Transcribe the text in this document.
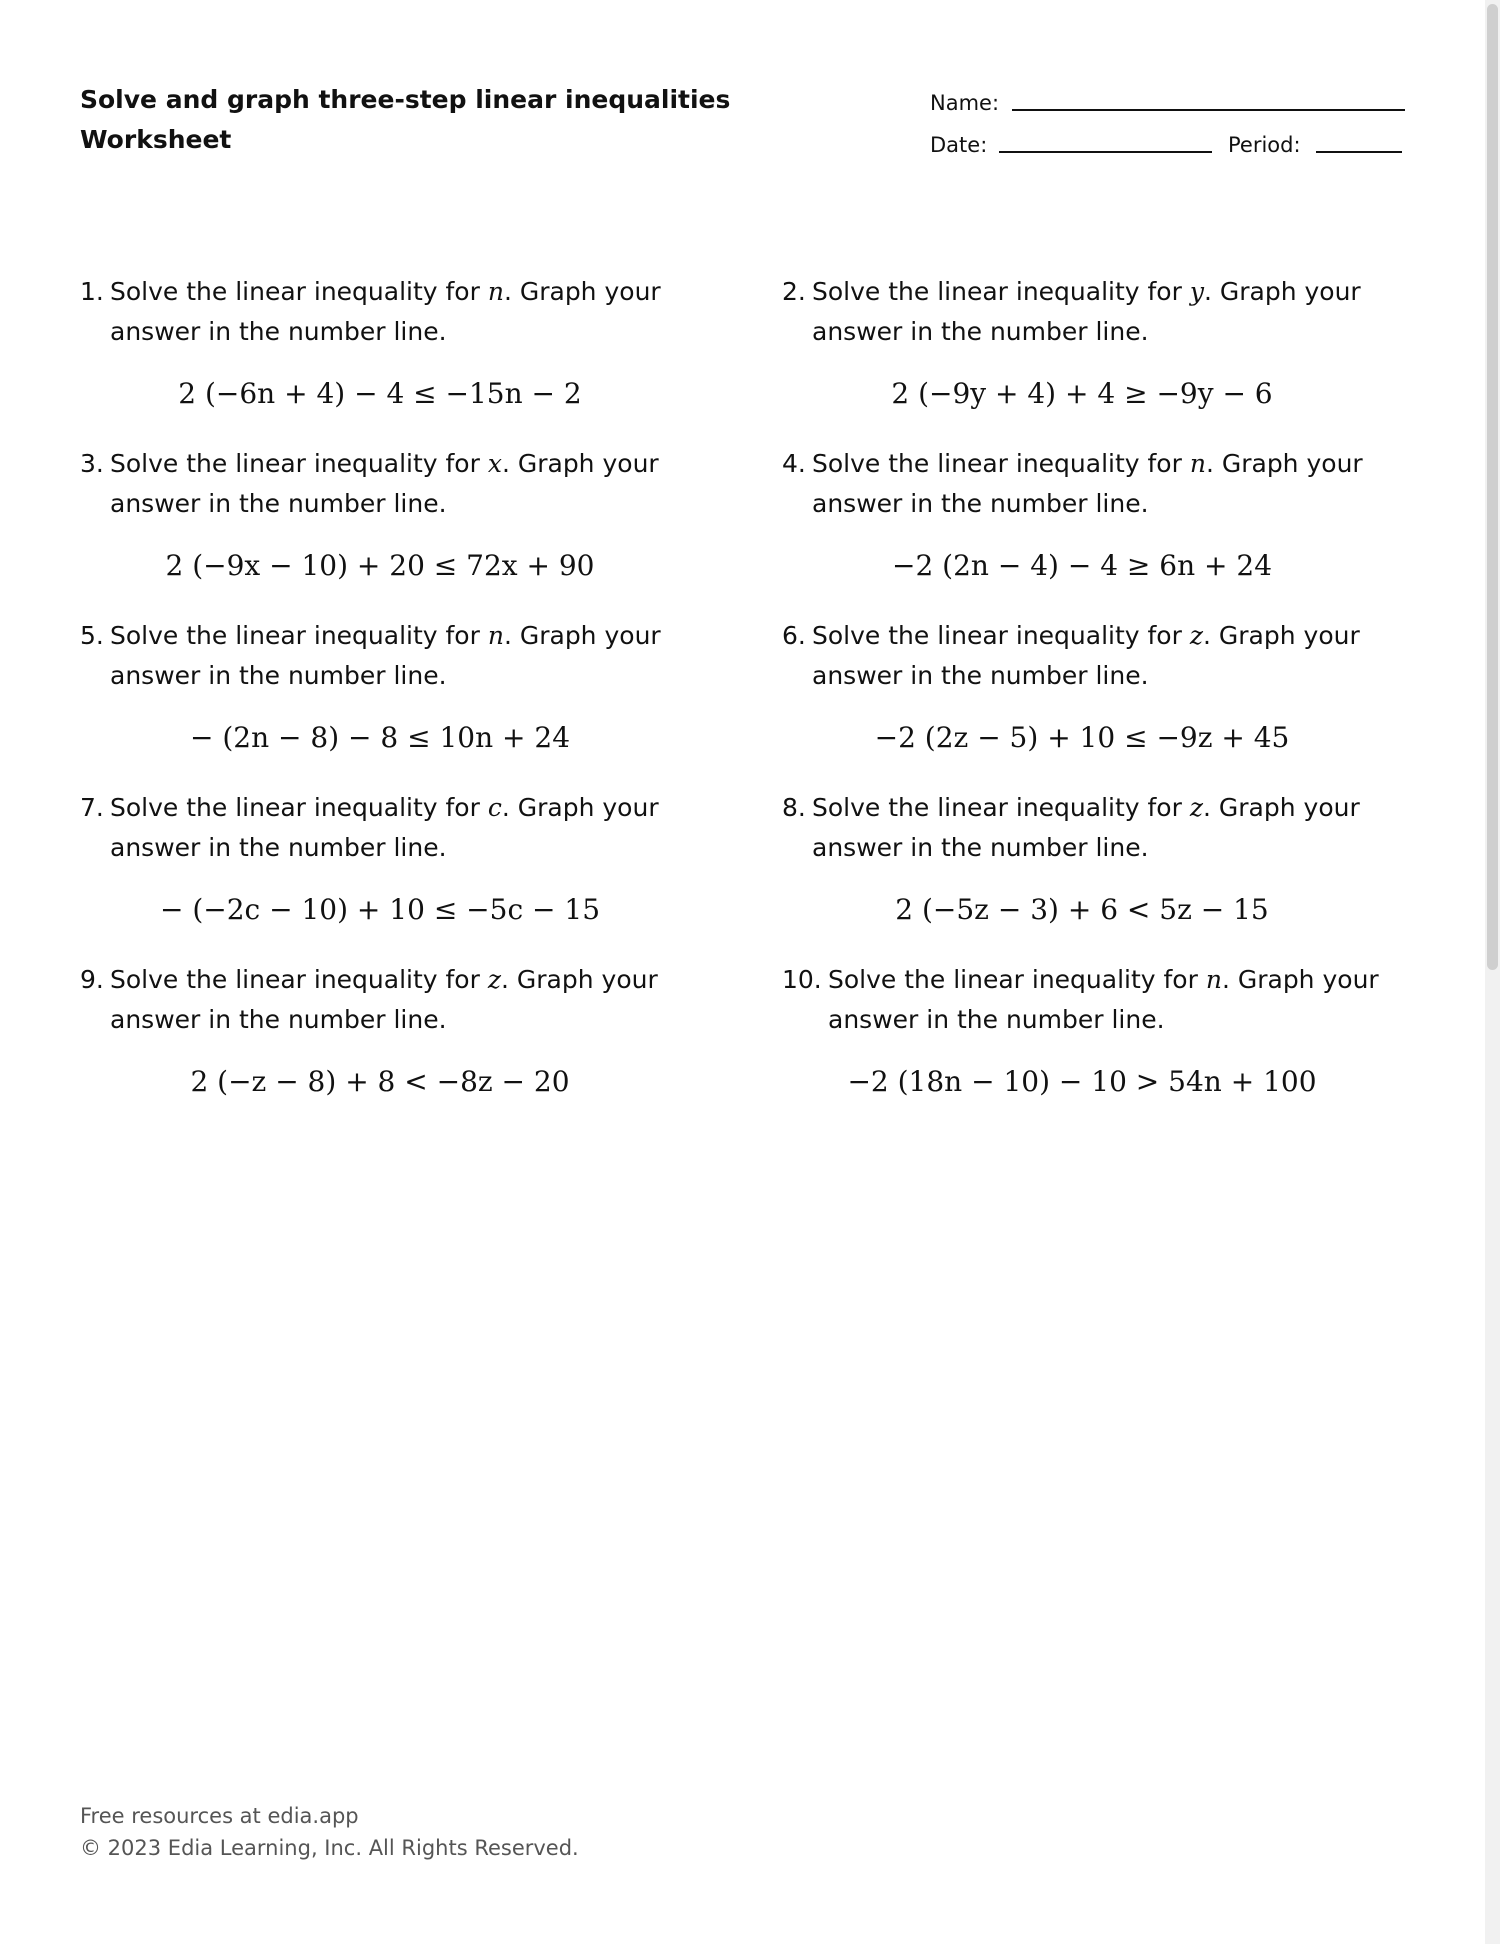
Solve and graph three-step linear inequalities
Worksheet
Name:
Date:	Period:
1. Solve the linear inequality for n. Graph your answer in the number line.
2 (−6n + 4) − 4 ≤ −15n − 2
2. Solve the linear inequality for y. Graph your answer in the number line.
2 (−9y + 4) + 4 ≥ −9y − 6
3. Solve the linear inequality for x. Graph your answer in the number line.
2 (−9x − 10) + 20 ≤ 72x + 90
4. Solve the linear inequality for n. Graph your answer in the number line.
−2 (2n − 4) − 4 ≥ 6n + 24
5. Solve the linear inequality for n. Graph your answer in the number line.
− (2n − 8) − 8 ≤ 10n + 24
6. Solve the linear inequality for z. Graph your answer in the number line.
−2 (2z − 5) + 10 ≤ −9z + 45
7. Solve the linear inequality for c. Graph your answer in the number line.
− (−2c − 10) + 10 ≤ −5c − 15
8. Solve the linear inequality for z. Graph your answer in the number line.
2 (−5z − 3) + 6 < 5z − 15
9. Solve the linear inequality for z. Graph your answer in the number line.
2 (−z − 8) + 8 < −8z − 20
10. Solve the linear inequality for n. Graph your answer in the number line.
−2 (18n − 10) − 10 > 54n + 100
Free resources at edia.app
© 2023 Edia Learning, Inc. All Rights Reserved.
